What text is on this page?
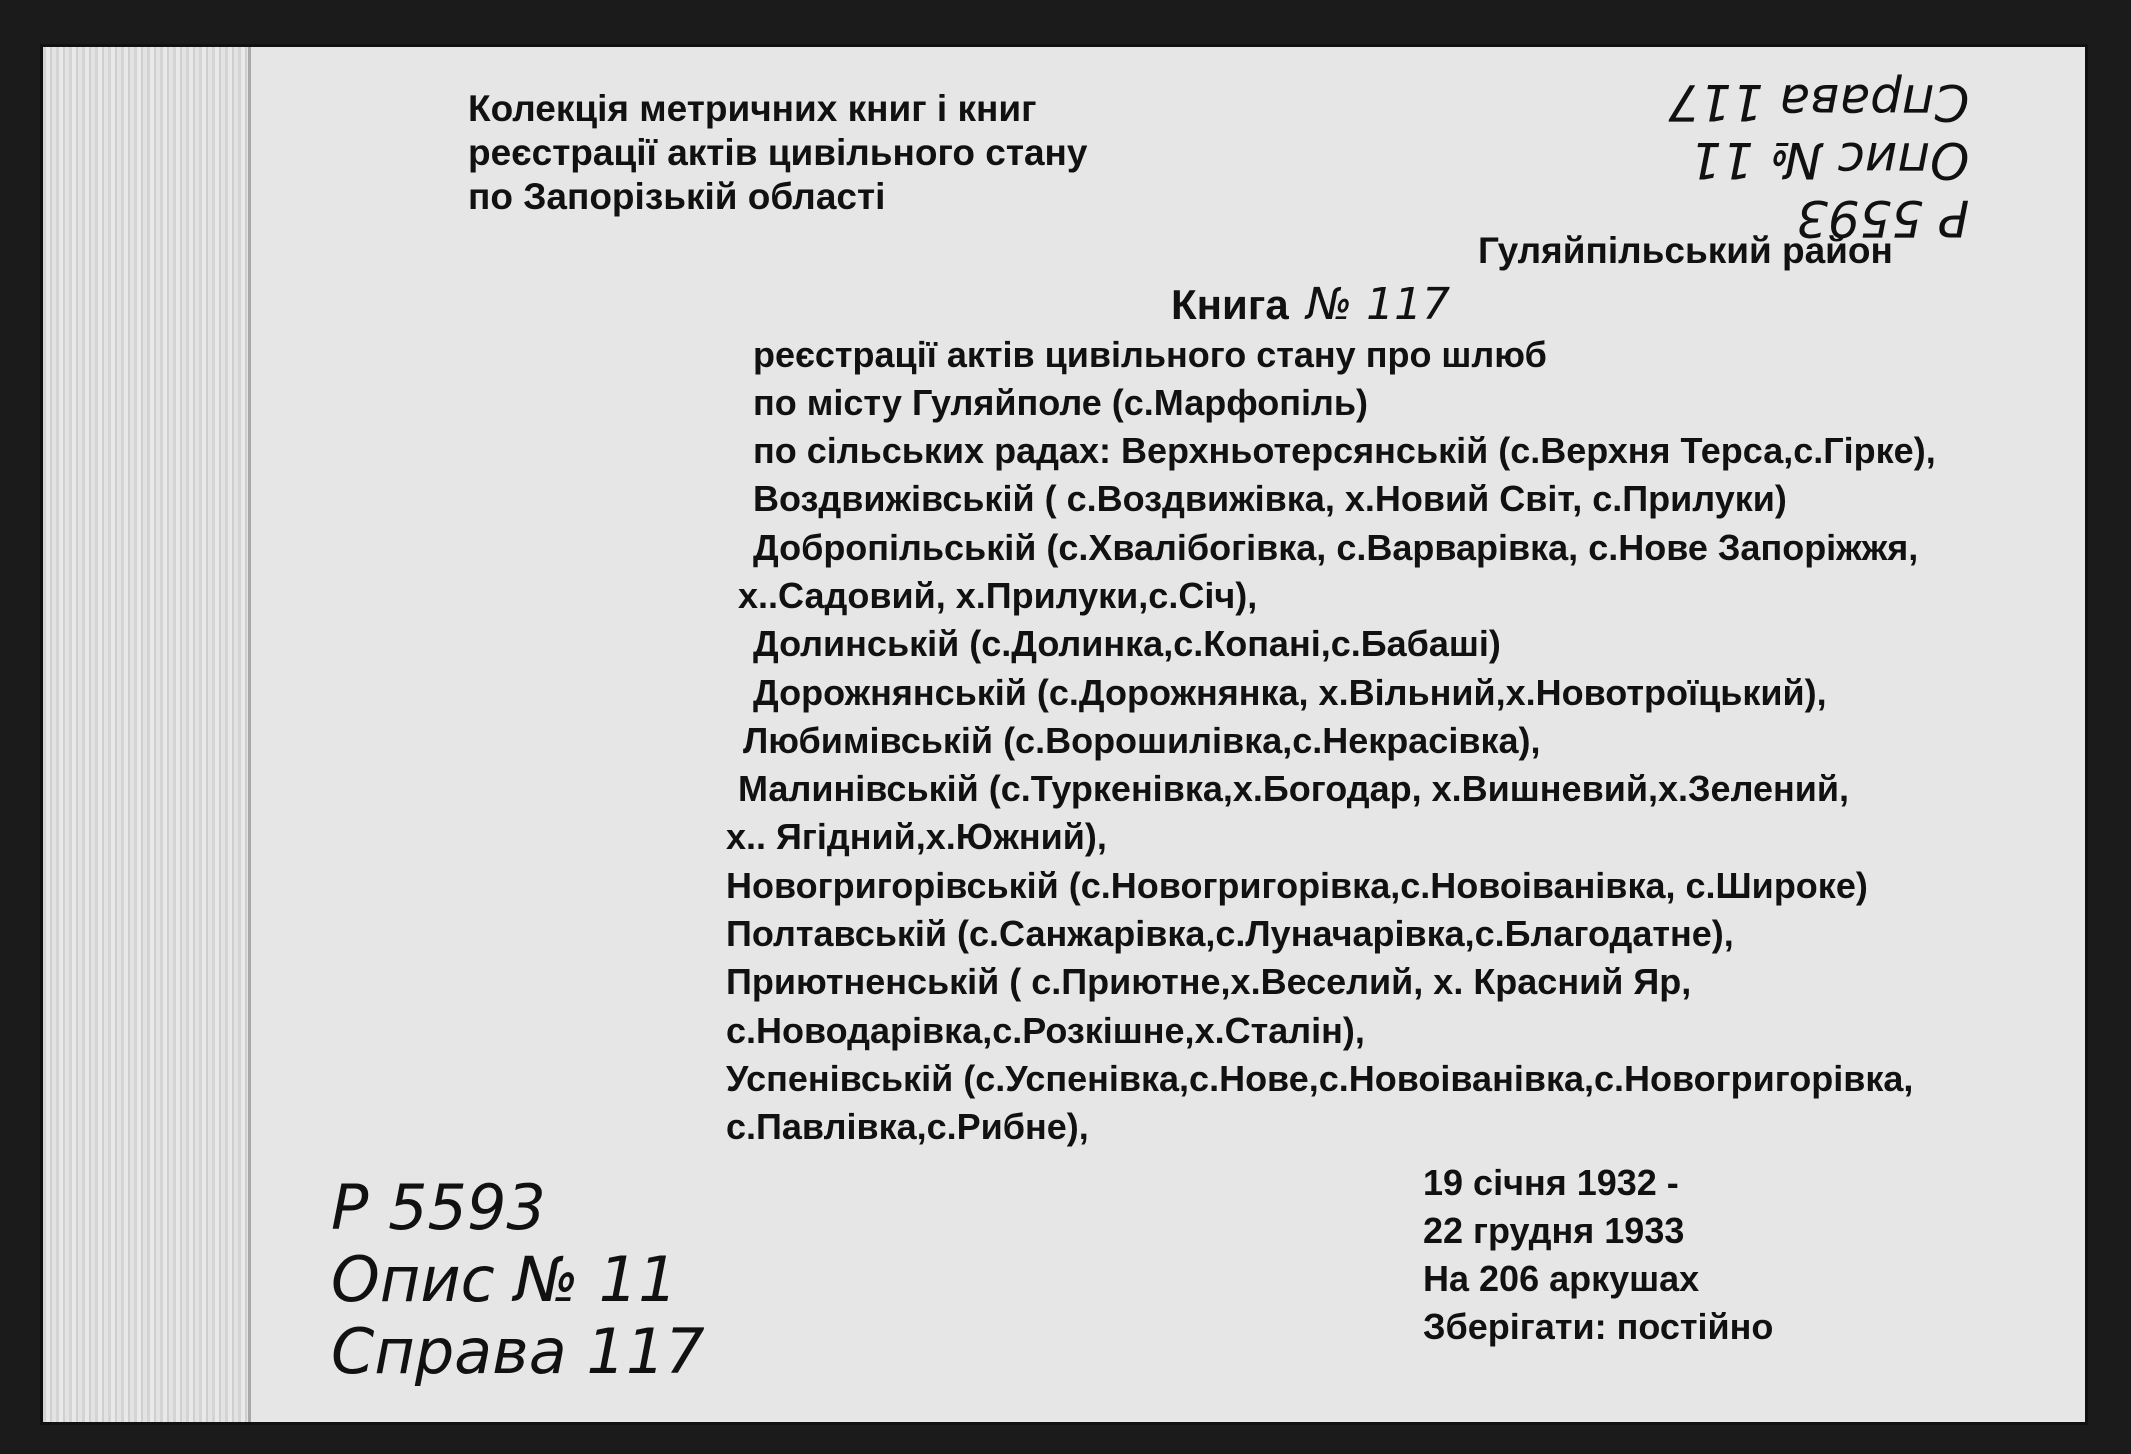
Колекція метричних книг і книг
реєстрації актів цивільного стану
по Запорізькій області	Р 5593
Опис № 11
Справа 117
Гуляйпільський район
Книга № 117
реєстрації актів цивільного стану про шлюб
по місту Гуляйполе (с.Марфопіль)
по сільських радах: Верхньотерсянській (с.Верхня Терса,с.Гірке),
Воздвижівській ( с.Воздвижівка, х.Новий Світ, с.Прилуки)
Добропільській (с.Хвалібогівка, с.Варварівка, с.Нове Запоріжжя,
х..Садовий, х.Прилуки,с.Січ),
Долинській (с.Долинка,с.Копані,с.Бабаші)
Дорожнянській (с.Дорожнянка, х.Вільний,х.Новотроїцький),
Любимівській (с.Ворошилівка,с.Некрасівка),
Малинівській (с.Туркенівка,х.Богодар, х.Вишневий,х.Зелений,
х.. Ягідний,х.Южний),
Новогригорівській (с.Новогригорівка,с.Новоіванівка, с.Широке)
Полтавській (с.Санжарівка,с.Луначарівка,с.Благодатне),
Приютненській ( с.Приютне,х.Веселий, х. Красний Яр,
с.Новодарівка,с.Розкішне,х.Сталін),
Успенівській (с.Успенівка,с.Нове,с.Новоіванівка,с.Новогригорівка,
с.Павлівка,с.Рибне),
19 січня 1932 -
22 грудня 1933
На 206 аркушах
Зберігати: постійно
Р 5593
Опис № 11
Справа 117
